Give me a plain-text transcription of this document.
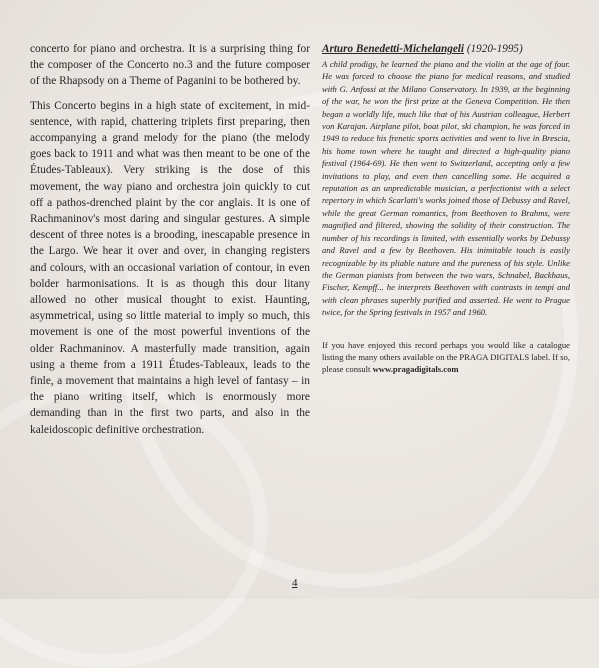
concerto for piano and orchestra. It is a surprising thing for the composer of the Concerto no.3 and the future composer of the Rhapsody on a Theme of Paganini to be bothered by.

This Concerto begins in a high state of excitement, in mid-sentence, with rapid, chattering triplets first preparing, then accompanying a grand melody for the piano (the melody goes back to 1911 and what was then meant to be one of the Études-Tableaux). Very striking is the dose of this movement, the way piano and orchestra join quickly to cut off a pathos-drenched plaint by the cor anglais. It is one of Rachmaninov's most daring and singular gestures. A simple descent of three notes is a brooding, inescapable presence in the Largo. We hear it over and over, in changing registers and colours, with an occasional variation of contour, in even bolder harmonisations. It is as though this dour litany allowed no other musical thought to exist. Haunting, asymmetrical, using so little material to imply so much, this movement is one of the most powerful inventions of the older Rachmaninov. A masterfully made transition, again using a theme from a 1911 Études-Tableaux, leads to the finle, a movement that maintains a high level of fantasy – in the piano writing itself, which is enormously more demanding than in the first two parts, and also in the kaleidoscopic definitive orchestration.

Arturo Benedetti-Michelangeli (1920-1995)

A child prodigy, he learned the piano and the violin at the age of four. He was forced to choose the piano for medical reasons, and studied with G. Anfossi at the Milano Conservatory. In 1939, at the beginning of the war, he won the first prize at the Geneva Competition. He then began a worldly life, much like that of his Austrian colleague, Herbert von Karajan. Airplane pilot, boat pilot, ski champion, he was forced in 1949 to reduce his frenetic sports activities and went to live in Brescia, his home town where he taught and directed a high-quality piano festival (1964-69). He then went to Switzerland, accepting only a few invitations to play, and even then cancelling some. He acquired a reputation as an unpredictable musician, a perfectionist with a select repertory in which Scarlatti's works joined those of Debussy and Ravel, while the great German romantics, from Beethoven to Brahms, were magnified and filtered, showing the solidity of their construction. The number of his recordings is limited, with essentially works by Debussy and Ravel and a few by Beethoven. His inimitable touch is easily recognizable by its pliable nature and the pureness of his style. Unlike the German pianists from between the two wars, Schnabel, Backhaus, Fischer, Kempff... he interprets Beethoven with contrasts in tempi and with clean phrases superbly purified and asserted. He went to Prague twice, for the Spring festivals in 1957 and 1960.

If you have enjoyed this record perhaps you would like a catalogue listing the many others available on the PRAGA DIGITALS label. If so, please consult www.pragadigitals.com

4
